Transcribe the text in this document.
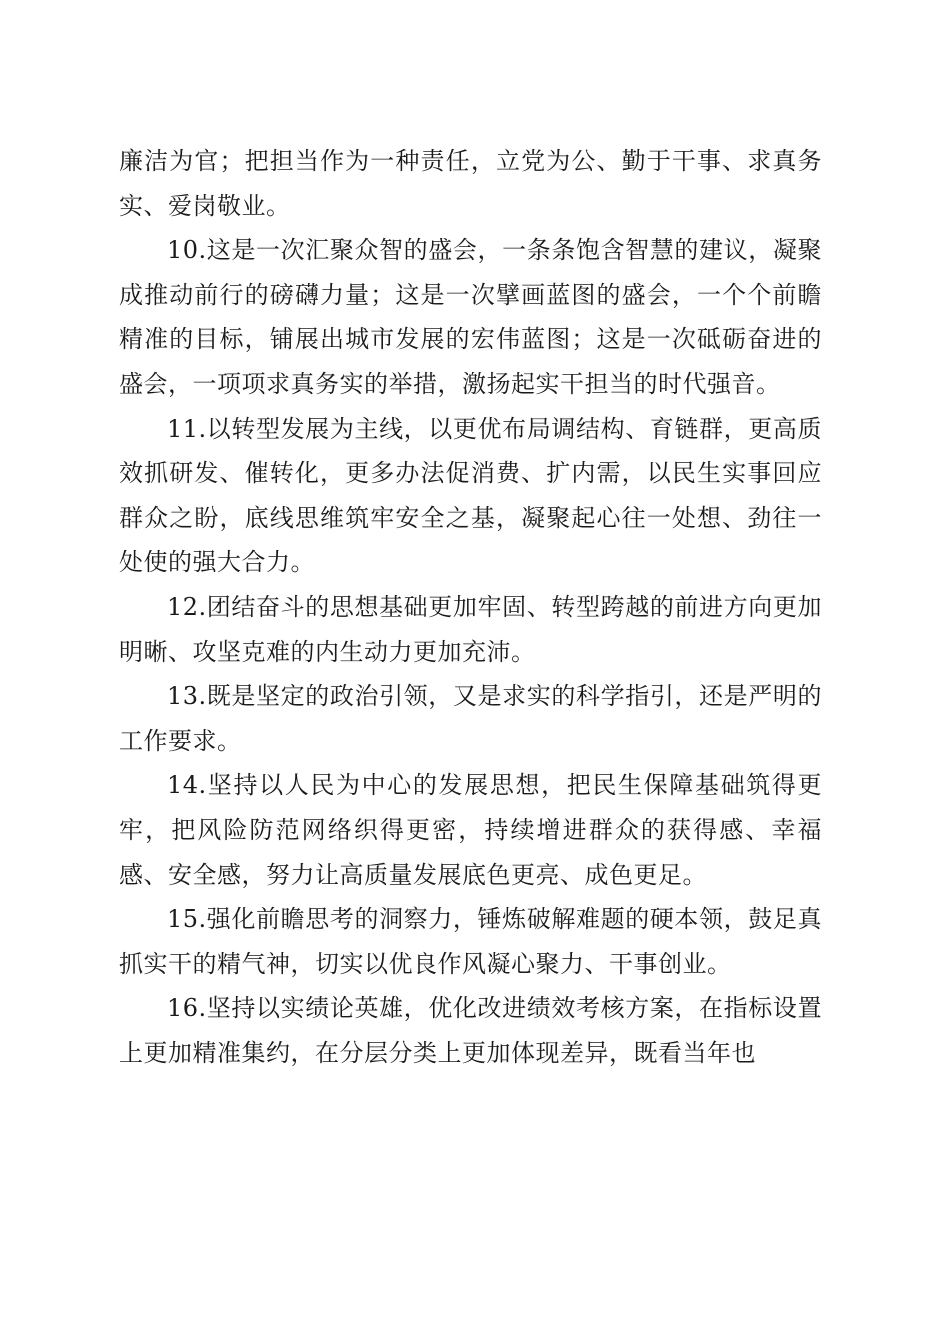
廉洁为官；把担当作为一种责任，立党为公、勤于干事、求真务实、爱岗敬业。

10.这是一次汇聚众智的盛会，一条条饱含智慧的建议，凝聚成推动前行的磅礴力量；这是一次擘画蓝图的盛会，一个个前瞻精准的目标，铺展出城市发展的宏伟蓝图；这是一次砥砺奋进的盛会，一项项求真务实的举措，激扬起实干担当的时代强音。

11.以转型发展为主线，以更优布局调结构、育链群，更高质效抓研发、催转化，更多办法促消费、扩内需，以民生实事回应群众之盼，底线思维筑牢安全之基，凝聚起心往一处想、劲往一处使的强大合力。

12.团结奋斗的思想基础更加牢固、转型跨越的前进方向更加明晰、攻坚克难的内生动力更加充沛。

13.既是坚定的政治引领，又是求实的科学指引，还是严明的工作要求。

14.坚持以人民为中心的发展思想，把民生保障基础筑得更牢，把风险防范网络织得更密，持续增进群众的获得感、幸福感、安全感，努力让高质量发展底色更亮、成色更足。

15.强化前瞻思考的洞察力，锤炼破解难题的硬本领，鼓足真抓实干的精气神，切实以优良作风凝心聚力、干事创业。

16.坚持以实绩论英雄，优化改进绩效考核方案，在指标设置上更加精准集约，在分层分类上更加体现差异，既看当年也
